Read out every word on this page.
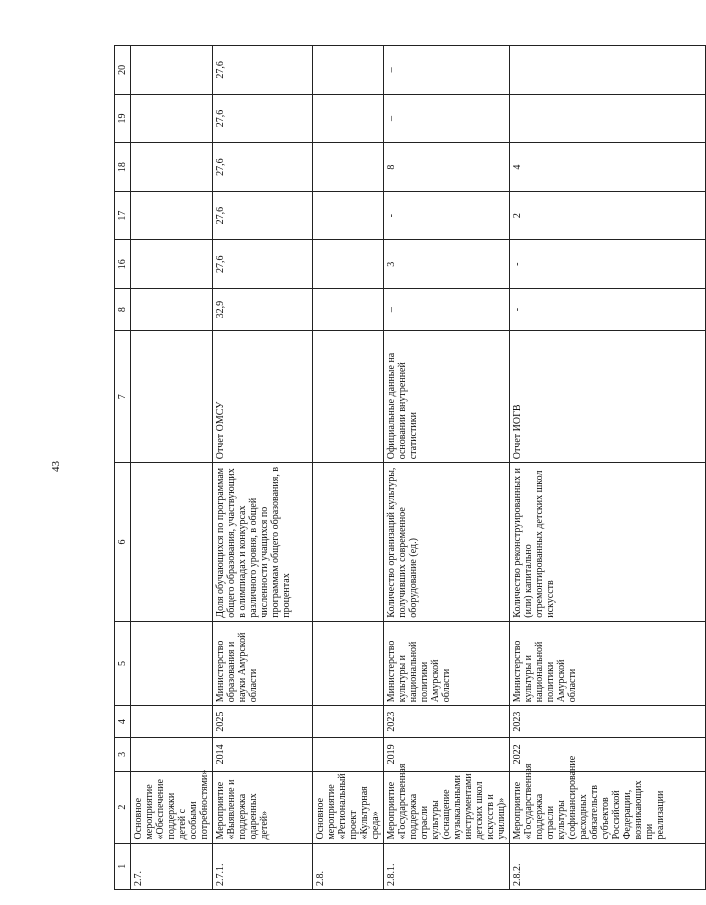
43
1	2	3	4	5	6	7	8	16	17	18	19	20
2.7.	Основное мероприятие «Обеспечение поддержки детей с особыми потребностями»											
2.7.1.	Мероприятие «Выявление и поддержка одаренных детей»	2014	2025	Министерство образования и науки Амурской области	Доля обучающихся по программам общего образования, участвующих в олимпиадах и конкурсах различного уровня, в общей численности учащихся по программам общего образования, в процентах	Отчет ОМСУ	32,9	27,6	27,6	27,6	27,6	27,6
2.8.	Основное мероприятие «Региональный проект «Культурная среда»											
2.8.1.	Мероприятие «Государственная поддержка отрасли культуры (оснащение музыкальными инструментами детских школ искусств и училищ)»	2019	2023	Министерство культуры и национальной политики Амурской области	Количество организаций культуры, получивших современное оборудование (ед.)	Официальные данные на основании внутренней статистики	–	3	-	8	–	–
2.8.2.	Мероприятие «Государственная поддержка отрасли культуры (софинансирование расходных обязательств субъектов Российской Федерации, возникающих при реализации	2022	2023	Министерство культуры и национальной политики Амурской области	Количество реконструированных и (или) капитально отремонтированных детских школ искусств	Отчет ИОГВ	-	-	2	4		
